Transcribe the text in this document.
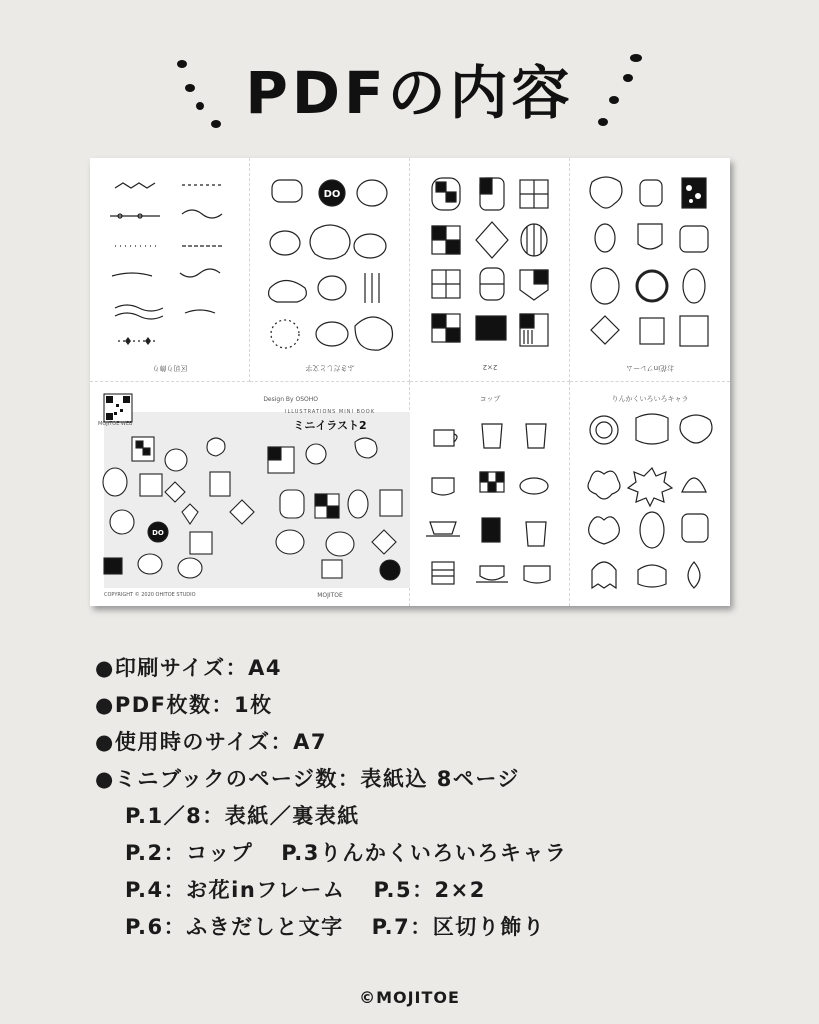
PDFの内容
区切り飾り
DO
ふきだしと文字	2×2	お花inフレーム
DO
Design By OSOHO
ILLUSTRATIONS MINI BOOK
ミニイラスト2
MOJITOE WEB
COPYRIGHT © 2020 OHITOE STUDIO	MOJITOE
コップ	りんかくいろいろキャラ
●印刷サイズ：A4
●PDF枚数：1枚
●使用時のサイズ：A7
●ミニブックのページ数：表紙込 8ページ
P.1／8：表紙／裏表紙
P.2：コップ P.3りんかくいろいろキャラ
P.4：お花inフレーム P.5：2×2
P.6：ふきだしと文字 P.7：区切り飾り
©MOJITOE
